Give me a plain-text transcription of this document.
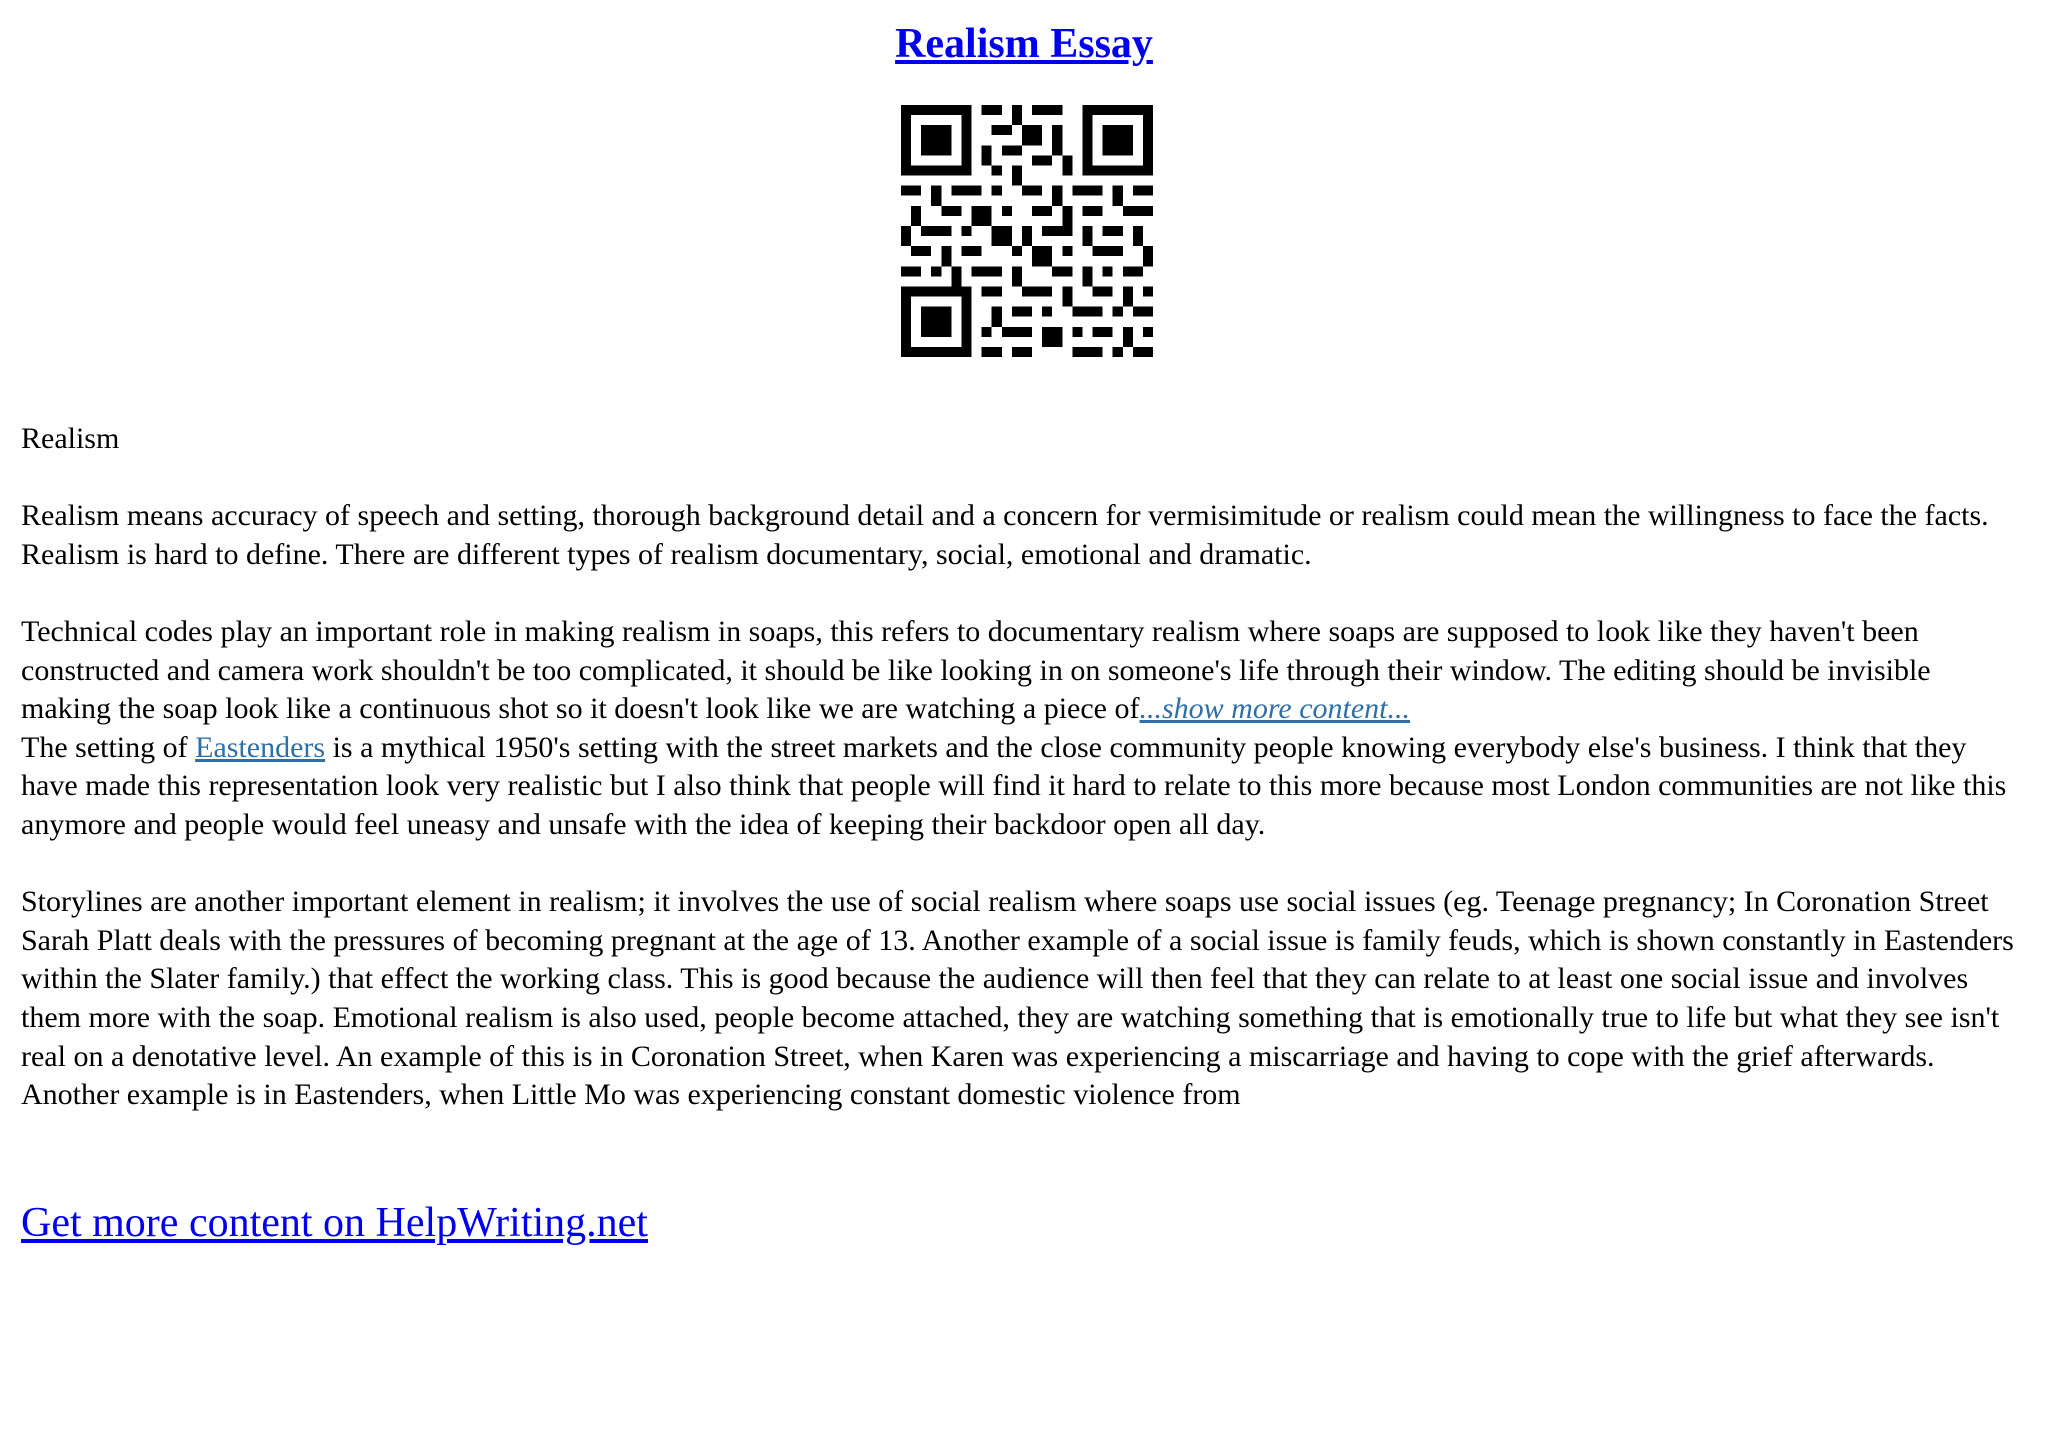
Realism Essay

Realism

Realism means accuracy of speech and setting, thorough background detail and a concern for vermisimitude or realism could mean the willingness to face the facts. Realism is hard to define. There are different types of realism documentary, social, emotional and dramatic.

Technical codes play an important role in making realism in soaps, this refers to documentary realism where soaps are supposed to look like they haven't been constructed and camera work shouldn't be too complicated, it should be like looking in on someone's life through their window. The editing should be invisible making the soap look like a continuous shot so it doesn't look like we are watching a piece of...show more content...
The setting of Eastenders is a mythical 1950's setting with the street markets and the close community people knowing everybody else's business. I think that they have made this representation look very realistic but I also think that people will find it hard to relate to this more because most London communities are not like this anymore and people would feel uneasy and unsafe with the idea of keeping their backdoor open all day.

Storylines are another important element in realism; it involves the use of social realism where soaps use social issues (eg. Teenage pregnancy; In Coronation Street Sarah Platt deals with the pressures of becoming pregnant at the age of 13. Another example of a social issue is family feuds, which is shown constantly in Eastenders within the Slater family.) that effect the working class. This is good because the audience will then feel that they can relate to at least one social issue and involves them more with the soap. Emotional realism is also used, people become attached, they are watching something that is emotionally true to life but what they see isn't real on a denotative level. An example of this is in Coronation Street, when Karen was experiencing a miscarriage and having to cope with the grief afterwards. Another example is in Eastenders, when Little Mo was experiencing constant domestic violence from

Get more content on HelpWriting.net
